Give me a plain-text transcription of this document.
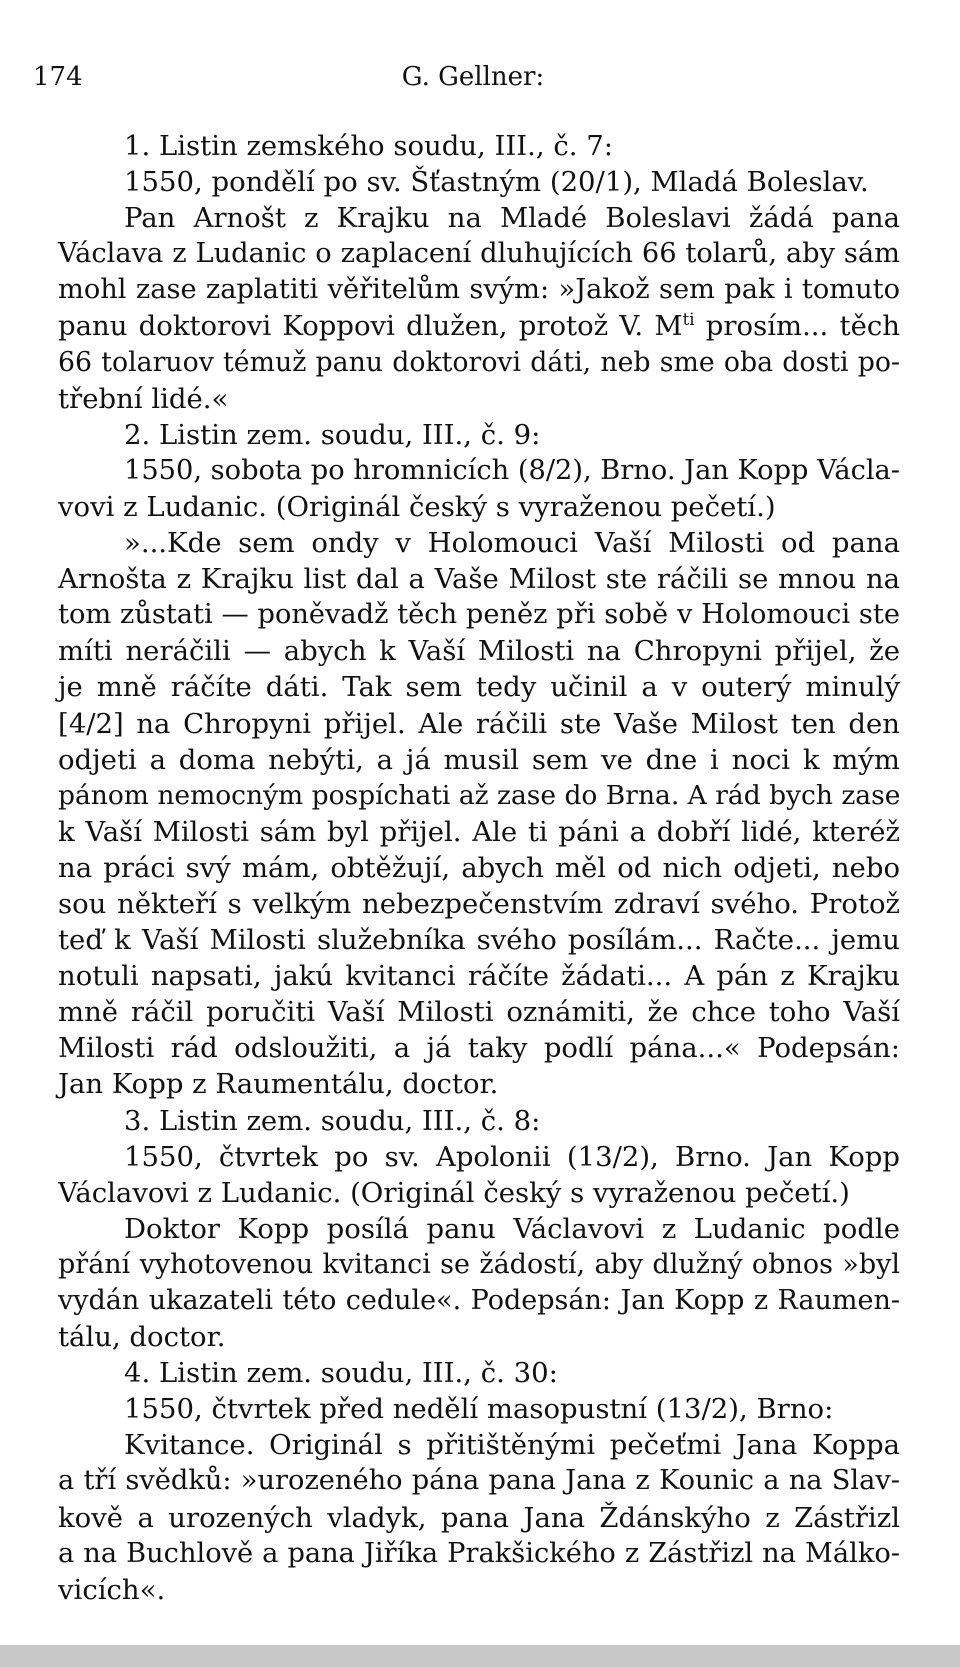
174	G. Gellner:
1. Listin zemského soudu, III., č. 7:
1550, pondělí po sv. Šťastným (20/1), Mladá Boleslav.
Pan Arnošt z Krajku na Mladé Boleslavi žádá pana
Václava z Ludanic o zaplacení dluhujících 66 tolarů, aby sám
mohl zase zaplatiti věřitelům svým: »Jakož sem pak i tomuto
panu doktorovi Koppovi dlužen, protož V. $M^{ti}$ prosím... těch
66 tolaruov témuž panu doktorovi dáti, neb sme oba dosti po-
třební lidé.«
2. Listin zem. soudu, III., č. 9:
1550, sobota po hromnicích (8/2), Brno. Jan Kopp Václa-
vovi z Ludanic. (Originál český s vyraženou pečetí.)
»...Kde sem ondy v Holomouci Vaší Milosti od pana
Arnošta z Krajku list dal a Vaše Milost ste ráčili se mnou na
tom zůstati — poněvadž těch peněz při sobě v Holomouci ste
míti neráčili — abych k Vaší Milosti na Chropyni přijel, že
je mně ráčíte dáti. Tak sem tedy učinil a v outerý minulý
[4/2] na Chropyni přijel. Ale ráčili ste Vaše Milost ten den
odjeti a doma nebýti, a já musil sem ve dne i noci k mým
pánom nemocným pospíchati až zase do Brna. A rád bych zase
k Vaší Milosti sám byl přijel. Ale ti páni a dobří lidé, kteréž
na práci svý mám, obtěžují, abych měl od nich odjeti, nebo
sou někteří s velkým nebezpečenstvím zdraví svého. Protož
teď k Vaší Milosti služebníka svého posílám... Račte... jemu
notuli napsati, jakú kvitanci ráčíte žádati... A pán z Krajku
mně ráčil poručiti Vaší Milosti oznámiti, že chce toho Vaší
Milosti rád odsloužiti, a já taky podlí pána...« Podepsán:
Jan Kopp z Raumentálu, doctor.
3. Listin zem. soudu, III., č. 8:
1550, čtvrtek po sv. Apolonii (13/2), Brno. Jan Kopp
Václavovi z Ludanic. (Originál český s vyraženou pečetí.)
Doktor Kopp posílá panu Václavovi z Ludanic podle
přání vyhotovenou kvitanci se žádostí, aby dlužný obnos »byl
vydán ukazateli této cedule«. Podepsán: Jan Kopp z Raumen-
tálu, doctor.
4. Listin zem. soudu, III., č. 30:
1550, čtvrtek před nedělí masopustní (13/2), Brno:
Kvitance. Originál s přitištěnými pečeťmi Jana Koppa
a tří svědků: »urozeného pána pana Jana z Kounic a na Slav-
kově a urozených vladyk, pana Jana Ždánskýho z Zástřizl
a na Buchlově a pana Jiříka Prakšického z Zástřizl na Málko-
vicích«.
